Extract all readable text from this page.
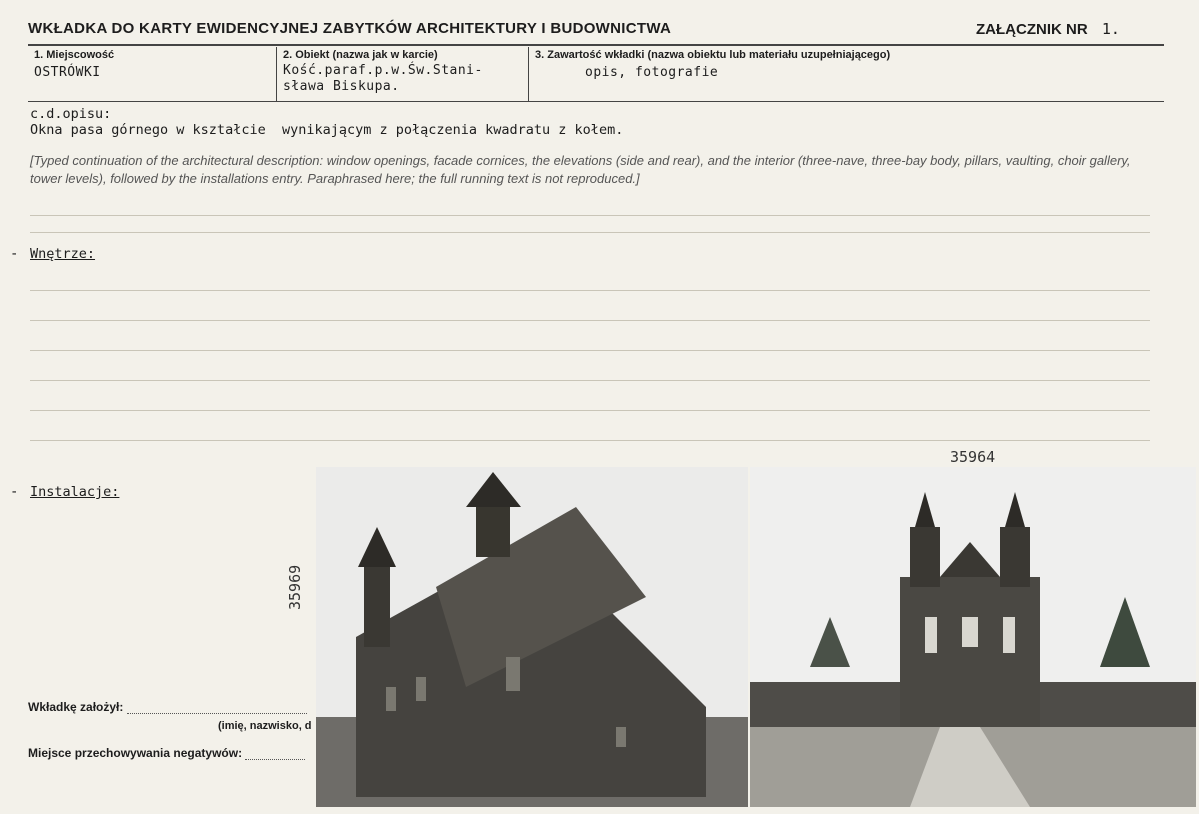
WKŁADKA DO KARTY EWIDENCYJNEJ ZABYTKÓW ARCHITEKTURY I BUDOWNICTWA	ZAŁĄCZNIK NR 1.
1. Miejscowość
OSTRÓWKI
2. Obiekt (nazwa jak w karcie)
Kość.paraf.p.w.Św.Stani-
sława Biskupa.
3. Zawartość wkładki (nazwa obiektu lub materiału uzupełniającego)
opis, fotografie
c.d.opisu:
Okna pasa górnego w kształcie  wynikającym z połączenia kwadratu z kołem.
[Typed continuation of the architectural description: window openings, facade cornices, the elevations (side and rear), and the interior (three-nave, three-bay body, pillars, vaulting, choir gallery, tower levels), followed by the installations entry. Paraphrased here; the full running text is not reproduced.]
- Wnętrze:
- Instalacje:
35969
35964
Wkładkę założył:
(imię, nazwisko, d
Miejsce przechowywania negatywów:
